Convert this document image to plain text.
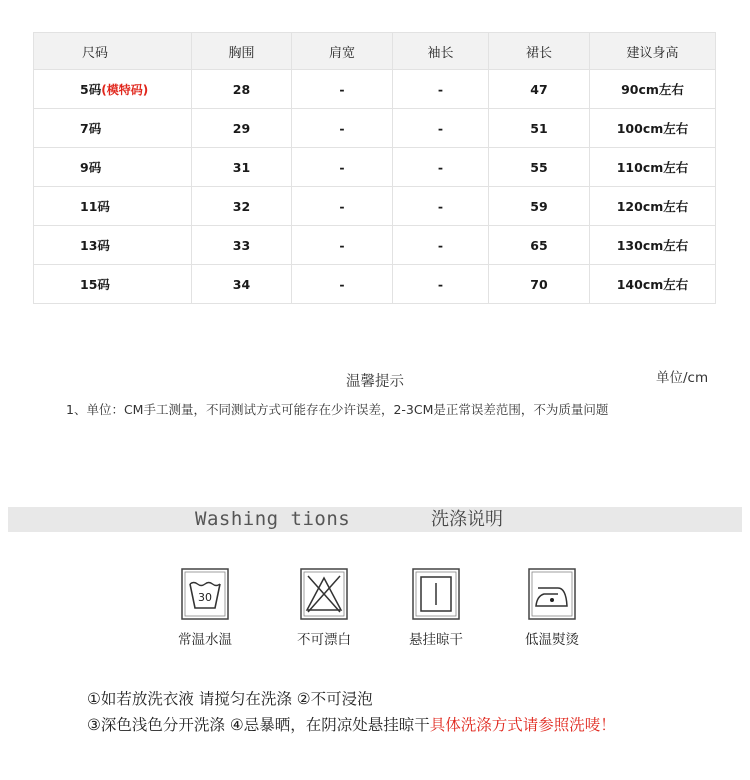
尺码	胸围	肩宽	袖长	裙长	建议身高
5码(模特码)	28	-	-	47	90cm左右
7码	29	-	-	51	100cm左右
9码	31	-	-	55	110cm左右
11码	32	-	-	59	120cm左右
13码	33	-	-	65	130cm左右
15码	34	-	-	70	140cm左右
温馨提示	单位/cm
1、单位：CM手工测量，不同测试方式可能存在少许误差，2-3CM是正常误差范围，不为质量问题
Washing tions	洗涤说明
30
常温水温	不可漂白	悬挂晾干	低温熨烫
①如若放洗衣液 请搅匀在洗涤 ②不可浸泡
③深色浅色分开洗涤 ④忌暴晒，在阴凉处悬挂晾干具体洗涤方式请参照洗唛！
